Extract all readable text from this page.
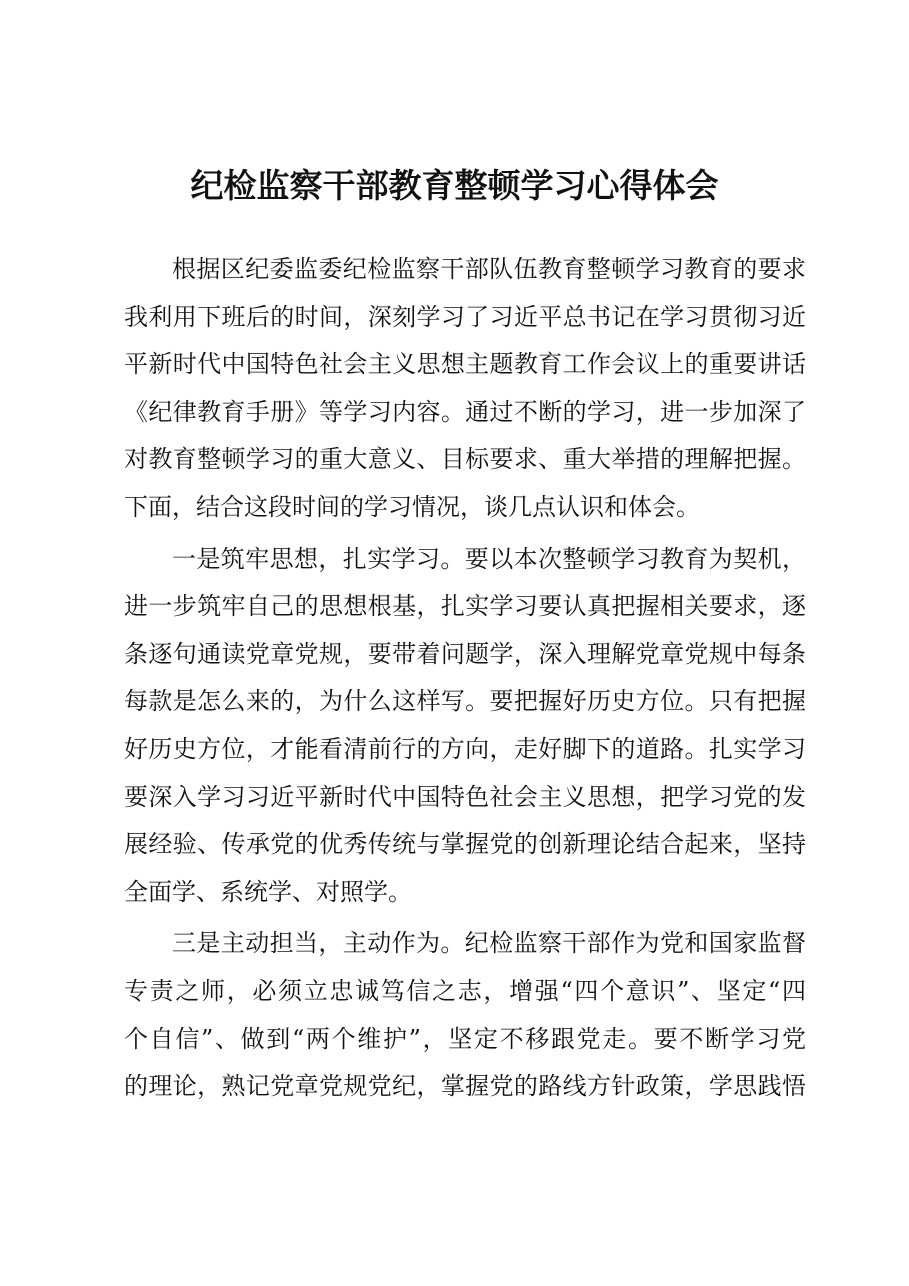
纪检监察干部教育整顿学习心得体会
根据区纪委监委纪检监察干部队伍教育整顿学习教育的要求
我利用下班后的时间，深刻学习了习近平总书记在学习贯彻习近
平新时代中国特色社会主义思想主题教育工作会议上的重要讲话
《纪律教育手册》等学习内容。通过不断的学习，进一步加深了
对教育整顿学习的重大意义、目标要求、重大举措的理解把握。
下面，结合这段时间的学习情况，谈几点认识和体会。
一是筑牢思想，扎实学习。要以本次整顿学习教育为契机，
进一步筑牢自己的思想根基，扎实学习要认真把握相关要求，逐
条逐句通读党章党规，要带着问题学，深入理解党章党规中每条
每款是怎么来的，为什么这样写。要把握好历史方位。只有把握
好历史方位，才能看清前行的方向，走好脚下的道路。扎实学习
要深入学习习近平新时代中国特色社会主义思想，把学习党的发
展经验、传承党的优秀传统与掌握党的创新理论结合起来，坚持
全面学、系统学、对照学。
三是主动担当，主动作为。纪检监察干部作为党和国家监督
专责之师，必须立忠诚笃信之志，增强“四个意识”、坚定“四
个自信”、做到“两个维护”，坚定不移跟党走。要不断学习党
的理论，熟记党章党规党纪，掌握党的路线方针政策，学思践悟
